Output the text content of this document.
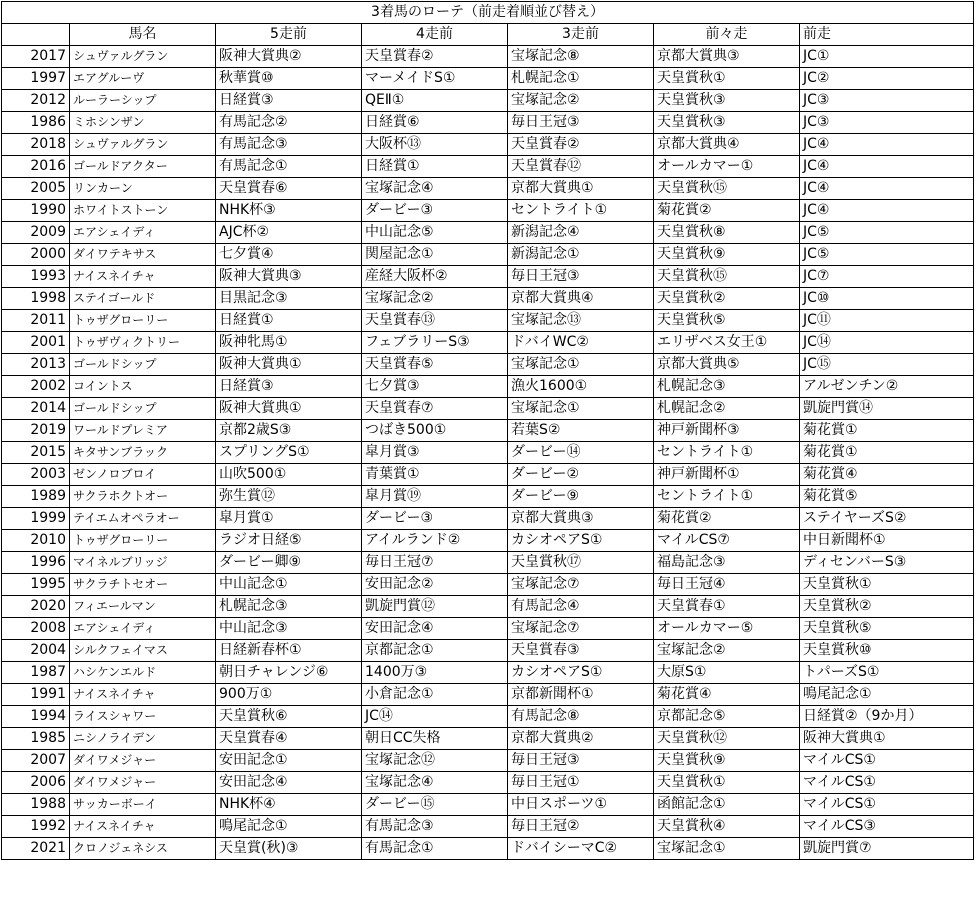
3着馬のローテ（前走着順並び替え）						
	馬名	5走前	4走前	3走前	前々走	前走
2017	シュヴァルグラン	阪神大賞典②	天皇賞春②	宝塚記念⑧	京都大賞典③	JC①
1997	エアグルーヴ	秋華賞⑩	マーメイドS①	札幌記念①	天皇賞秋①	JC②
2012	ルーラーシップ	日経賞③	QEⅡ①	宝塚記念②	天皇賞秋③	JC③
1986	ミホシンザン	有馬記念②	日経賞⑥	毎日王冠③	天皇賞秋③	JC③
2018	シュヴァルグラン	有馬記念③	大阪杯⑬	天皇賞春②	京都大賞典④	JC④
2016	ゴールドアクター	有馬記念①	日経賞①	天皇賞春⑫	オールカマー①	JC④
2005	リンカーン	天皇賞春⑥	宝塚記念④	京都大賞典①	天皇賞秋⑮	JC④
1990	ホワイトストーン	NHK杯③	ダービー③	セントライト①	菊花賞②	JC④
2009	エアシェイディ	AJC杯②	中山記念⑤	新潟記念④	天皇賞秋⑧	JC⑤
2000	ダイワテキサス	七夕賞④	関屋記念①	新潟記念①	天皇賞秋⑨	JC⑤
1993	ナイスネイチャ	阪神大賞典③	産経大阪杯②	毎日王冠③	天皇賞秋⑮	JC⑦
1998	ステイゴールド	目黒記念③	宝塚記念②	京都大賞典④	天皇賞秋②	JC⑩
2011	トゥザグローリー	日経賞①	天皇賞春⑬	宝塚記念⑬	天皇賞秋⑤	JC⑪
2001	トゥザヴィクトリー	阪神牝馬①	フェブラリーS③	ドバイWC②	エリザベス女王①	JC⑭
2013	ゴールドシップ	阪神大賞典①	天皇賞春⑤	宝塚記念①	京都大賞典⑤	JC⑮
2002	コイントス	日経賞③	七夕賞③	漁火1600①	札幌記念③	アルゼンチン②
2014	ゴールドシップ	阪神大賞典①	天皇賞春⑦	宝塚記念①	札幌記念②	凱旋門賞⑭
2019	ワールドプレミア	京都2歳S③	つばき500①	若葉S②	神戸新聞杯③	菊花賞①
2015	キタサンブラック	スプリングS①	皐月賞③	ダービー⑭	セントライト①	菊花賞①
2003	ゼンノロブロイ	山吹500①	青葉賞①	ダービー②	神戸新聞杯①	菊花賞④
1989	サクラホクトオー	弥生賞⑫	皐月賞⑲	ダービー⑨	セントライト①	菊花賞⑤
1999	テイエムオペラオー	皐月賞①	ダービー③	京都大賞典③	菊花賞②	ステイヤーズS②
2010	トゥザグローリー	ラジオ日経⑤	アイルランド②	カシオペアS①	マイルCS⑦	中日新聞杯①
1996	マイネルブリッジ	ダービー卿⑨	毎日王冠⑦	天皇賞秋⑰	福島記念③	ディセンバーS③
1995	サクラチトセオー	中山記念①	安田記念②	宝塚記念⑦	毎日王冠④	天皇賞秋①
2020	フィエールマン	札幌記念③	凱旋門賞⑫	有馬記念④	天皇賞春①	天皇賞秋②
2008	エアシェイディ	中山記念③	安田記念④	宝塚記念⑦	オールカマー⑤	天皇賞秋⑤
2004	シルクフェイマス	日経新春杯①	京都記念①	天皇賞春③	宝塚記念②	天皇賞秋⑩
1987	ハシケンエルド	朝日チャレンジ⑥	1400万③	カシオペアS①	大原S①	トパーズS①
1991	ナイスネイチャ	900万①	小倉記念①	京都新聞杯①	菊花賞④	鳴尾記念①
1994	ライスシャワー	天皇賞秋⑥	JC⑭	有馬記念⑧	京都記念⑤	日経賞②（9か月）
1985	ニシノライデン	天皇賞春④	朝日CC失格	京都大賞典②	天皇賞秋⑫	阪神大賞典①
2007	ダイワメジャー	安田記念①	宝塚記念⑫	毎日王冠③	天皇賞秋⑨	マイルCS①
2006	ダイワメジャー	安田記念④	宝塚記念④	毎日王冠①	天皇賞秋①	マイルCS①
1988	サッカーボーイ	NHK杯④	ダービー⑮	中日スポーツ①	函館記念①	マイルCS①
1992	ナイスネイチャ	鳴尾記念①	有馬記念③	毎日王冠②	天皇賞秋④	マイルCS③
2021	クロノジェネシス	天皇賞(秋)③	有馬記念①	ドバイシーマC②	宝塚記念①	凱旋門賞⑦
